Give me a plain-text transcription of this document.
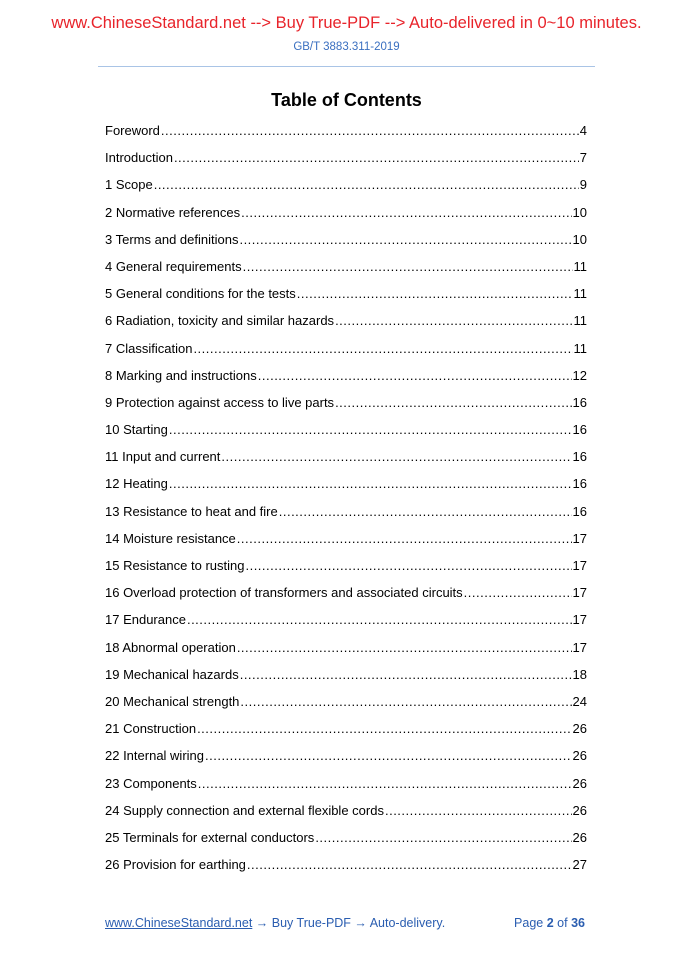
www.ChineseStandard.net --> Buy True-PDF --> Auto-delivered in 0~10 minutes.
GB/T 3883.311-2019
Table of Contents
Foreword .....	4
Introduction .....	7
1 Scope .....	9
2 Normative references .....	10
3 Terms and definitions .....	10
4 General requirements .....	11
5 General conditions for the tests .....	11
6 Radiation, toxicity and similar hazards .....	11
7 Classification .....	11
8 Marking and instructions .....	12
9 Protection against access to live parts .....	16
10 Starting .....	16
11 Input and current .....	16
12 Heating .....	16
13 Resistance to heat and fire .....	16
14 Moisture resistance .....	17
15 Resistance to rusting .....	17
16 Overload protection of transformers and associated circuits .....	17
17 Endurance .....	17
18 Abnormal operation .....	17
19 Mechanical hazards .....	18
20 Mechanical strength .....	24
21 Construction .....	26
22 Internal wiring .....	26
23 Components .....	26
24 Supply connection and external flexible cords .....	26
25 Terminals for external conductors .....	26
26 Provision for earthing .....	27
www.ChineseStandard.net → Buy True-PDF → Auto-delivery.	Page 2 of 36
